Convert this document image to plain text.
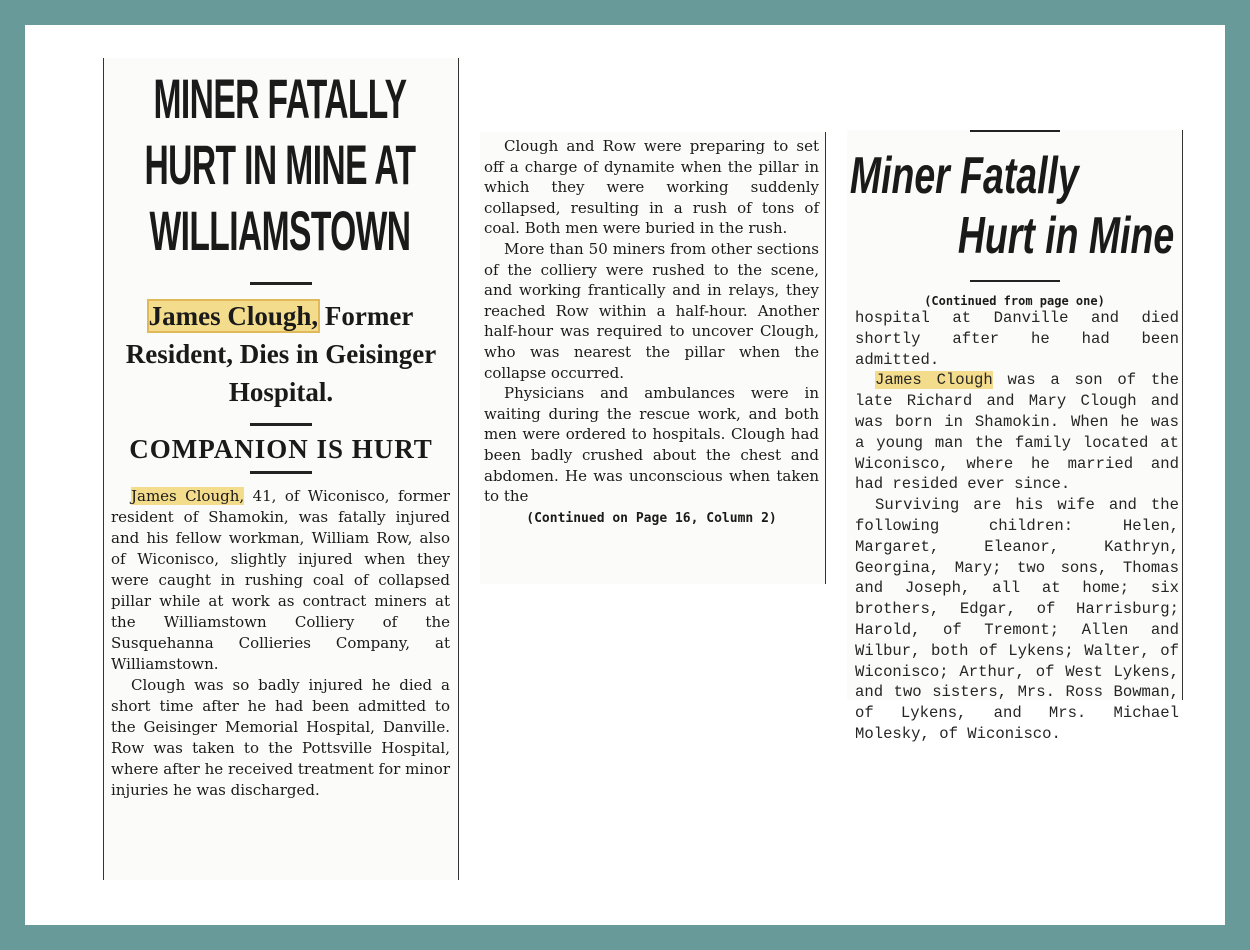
MINER FATALLY
HURT IN MINE AT
WILLIAMSTOWN
James Clough, Former Resident, Dies in Geisinger Hospital.
COMPANION IS HURT

James Clough, 41, of Wiconisco, former resident of Shamokin, was fatally injured and his fellow workman, William Row, also of Wiconisco, slightly injured when they were caught in rushing coal of collapsed pillar while at work as contract miners at the Williamstown Colliery of the Susquehanna Collieries Company, at Williamstown.

Clough was so badly injured he died a short time after he had been admitted to the Geisinger Memorial Hospital, Danville. Row was taken to the Pottsville Hospital, where after he received treatment for minor injuries he was discharged.

Clough and Row were preparing to set off a charge of dynamite when the pillar in which they were working suddenly collapsed, resulting in a rush of tons of coal. Both men were buried in the rush.

More than 50 miners from other sections of the colliery were rushed to the scene, and working frantically and in relays, they reached Row within a half-hour. Another half-hour was required to uncover Clough, who was nearest the pillar when the collapse occurred.

Physicians and ambulances were in waiting during the rescue work, and both men were ordered to hospitals. Clough had been badly crushed about the chest and abdomen. He was unconscious when taken to the

(Continued on Page 16, Column 2)
Miner Fatally
Hurt in Mine
(Continued from page one)

hospital at Danville and died shortly after he had been admitted.

James Clough was a son of the late Richard and Mary Clough and was born in Shamokin. When he was a young man the family located at Wiconisco, where he married and had resided ever since.

Surviving are his wife and the following children: Helen, Margaret, Eleanor, Kathryn, Georgina, Mary; two sons, Thomas and Joseph, all at home; six brothers, Edgar, of Harrisburg; Harold, of Tremont; Allen and Wilbur, both of Lykens; Walter, of Wiconisco; Arthur, of West Lykens, and two sisters, Mrs. Ross Bowman, of Lykens, and Mrs. Michael Molesky, of Wiconisco.
